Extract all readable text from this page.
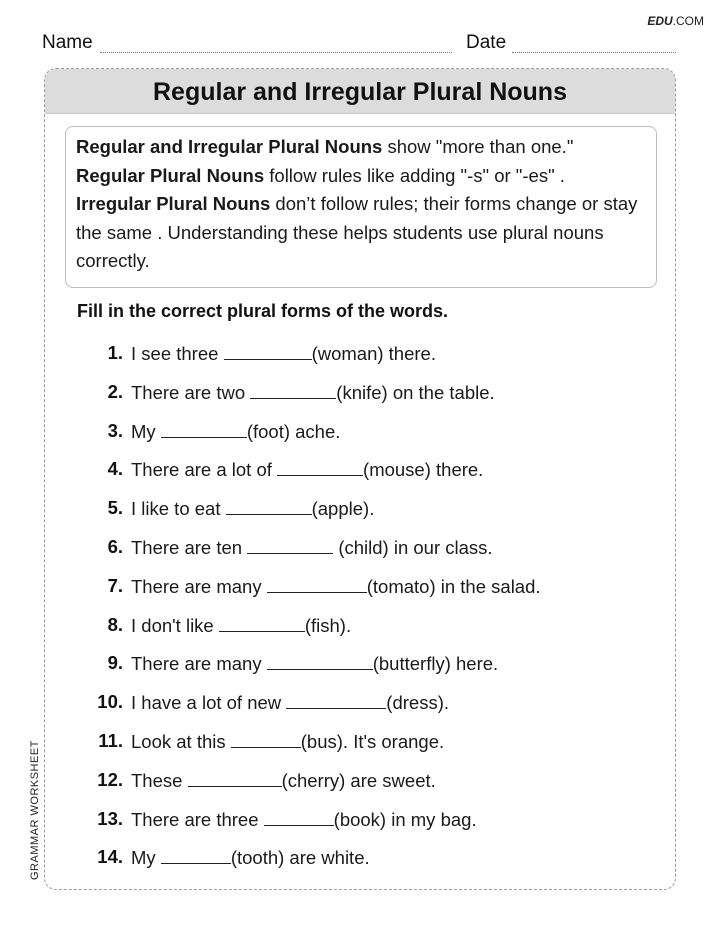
EDU.COM
Name	Date
Regular and Irregular Plural Nouns

Regular and Irregular Plural Nouns show "more than one."
Regular Plural Nouns follow rules like adding "-s" or "-es" .
Irregular Plural Nouns don’t follow rules; their forms change or stay the same . Understanding these helps students use plural nouns correctly.

Fill in the correct plural forms of the words.
1. I see three	(woman) there.
2. There are two	(knife) on the table.
3. My	(foot) ache.
4. There are a lot of	(mouse) there.
5. I like to eat	(apple).
6. There are ten	(child) in our class.
7. There are many	(tomato) in the salad.
8. I don't like	(fish).
9. There are many	(butterfly) here.
10. I have a lot of new	(dress).
11. Look at this	(bus). It's orange.
12. These	(cherry) are sweet.
13. There are three	(book) in my bag.
14. My	(tooth) are white.
GRAMMAR WORKSHEET
